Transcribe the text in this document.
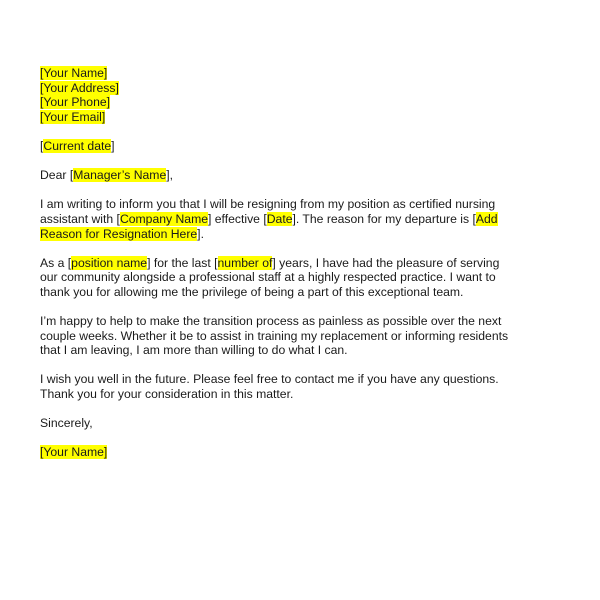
[Your Name]
[Your Address]
[Your Phone]
[Your Email]
[Current date]
Dear [Manager’s Name],
I am writing to inform you that I will be resigning from my position as certified nursing
assistant with [Company Name] effective [Date]. The reason for my departure is [Add
Reason for Resignation Here].
As a [position name] for the last [number of] years, I have had the pleasure of serving
our community alongside a professional staff at a highly respected practice. I want to
thank you for allowing me the privilege of being a part of this exceptional team.
I’m happy to help to make the transition process as painless as possible over the next
couple weeks. Whether it be to assist in training my replacement or informing residents
that I am leaving, I am more than willing to do what I can.
I wish you well in the future. Please feel free to contact me if you have any questions.
Thank you for your consideration in this matter.
Sincerely,
[Your Name]
